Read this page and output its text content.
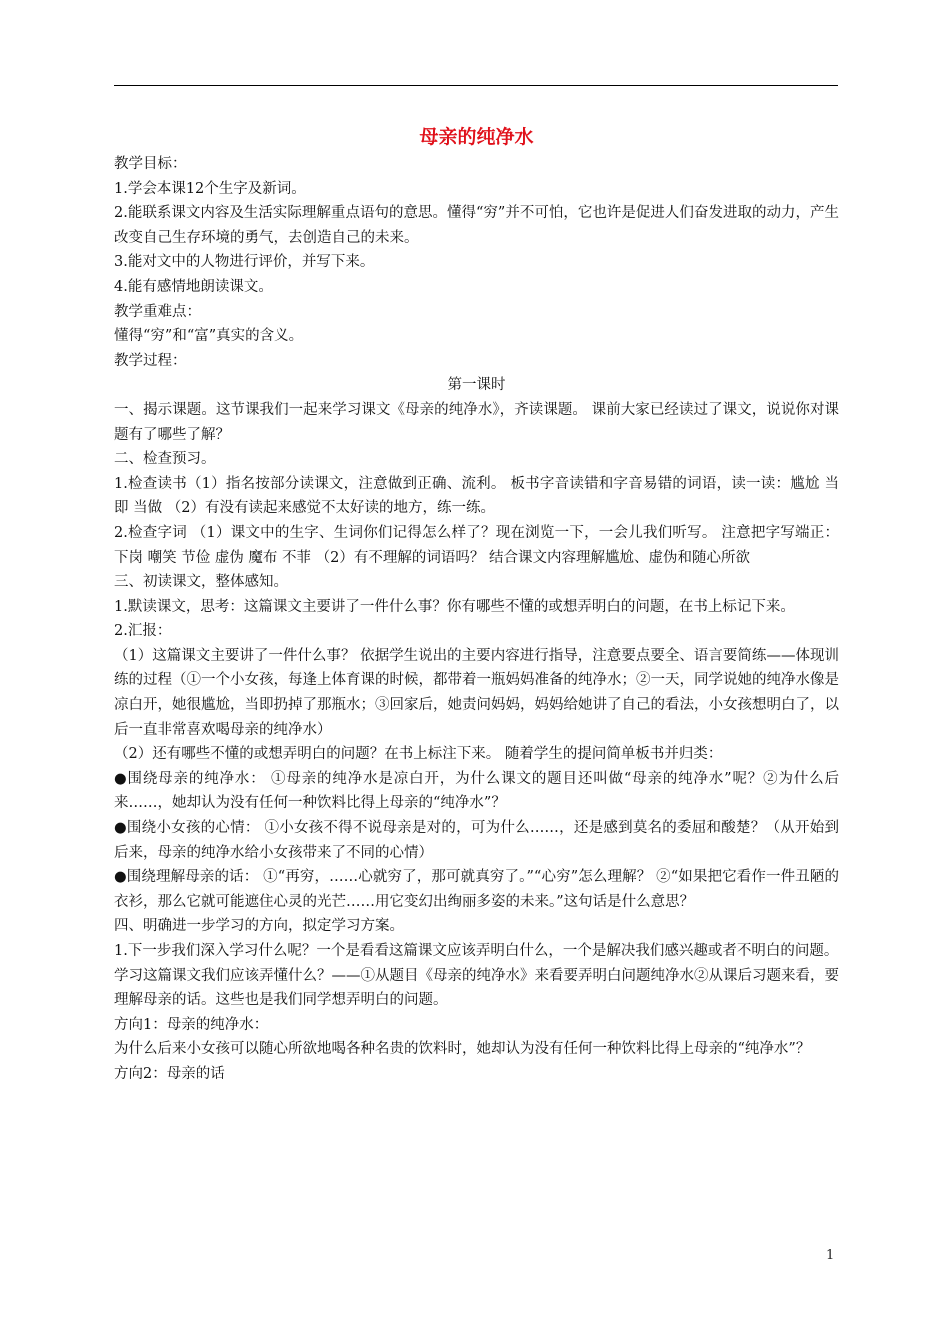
母亲的纯净水

教学目标：

1.学会本课12个生字及新词。

2.能联系课文内容及生活实际理解重点语句的意思。懂得“穷”并不可怕，它也许是促进人们奋发进取的动力，产生改变自己生存环境的勇气，去创造自己的未来。

3.能对文中的人物进行评价，并写下来。

4.能有感情地朗读课文。

教学重难点：

懂得“穷”和“富”真实的含义。

教学过程：

第一课时

一、揭示课题。这节课我们一起来学习课文《母亲的纯净水》，齐读课题。 课前大家已经读过了课文，说说你对课题有了哪些了解？

二、检查预习。

1.检查读书（1）指名按部分读课文，注意做到正确、流利。 板书字音读错和字音易错的词语，读一读：尴尬 当即 当做 （2）有没有读起来感觉不太好读的地方，练一练。

2.检查字词 （1）课文中的生字、生词你们记得怎么样了？现在浏览一下，一会儿我们听写。 注意把字写端正：下岗 嘲笑 节俭 虚伪 魔布 不菲 （2）有不理解的词语吗？ 结合课文内容理解尴尬、虚伪和随心所欲

三、初读课文，整体感知。

1.默读课文，思考：这篇课文主要讲了一件什么事？你有哪些不懂的或想弄明白的问题，在书上标记下来。

2.汇报：

（1）这篇课文主要讲了一件什么事？ 依据学生说出的主要内容进行指导，注意要点要全、语言要简练——体现训练的过程（①一个小女孩，每逢上体育课的时候，都带着一瓶妈妈准备的纯净水；②一天，同学说她的纯净水像是凉白开，她很尴尬，当即扔掉了那瓶水；③回家后，她责问妈妈，妈妈给她讲了自己的看法，小女孩想明白了，以后一直非常喜欢喝母亲的纯净水）

（2）还有哪些不懂的或想弄明白的问题？在书上标注下来。 随着学生的提问简单板书并归类：

●围绕母亲的纯净水： ①母亲的纯净水是凉白开，为什么课文的题目还叫做“母亲的纯净水”呢？②为什么后来……，她却认为没有任何一种饮料比得上母亲的“纯净水”？

●围绕小女孩的心情： ①小女孩不得不说母亲是对的，可为什么……，还是感到莫名的委屈和酸楚？（从开始到后来，母亲的纯净水给小女孩带来了不同的心情）

●围绕理解母亲的话： ①“再穷，……心就穷了，那可就真穷了。”“心穷”怎么理解？ ②“如果把它看作一件丑陋的衣衫，那么它就可能遮住心灵的光芒……用它变幻出绚丽多姿的未来。”这句话是什么意思？

四、明确进一步学习的方向，拟定学习方案。

1.下一步我们深入学习什么呢？一个是看看这篇课文应该弄明白什么，一个是解决我们感兴趣或者不明白的问题。

学习这篇课文我们应该弄懂什么？——①从题目《母亲的纯净水》来看要弄明白问题纯净水②从课后习题来看，要理解母亲的话。这些也是我们同学想弄明白的问题。

方向1：母亲的纯净水：

为什么后来小女孩可以随心所欲地喝各种名贵的饮料时，她却认为没有任何一种饮料比得上母亲的“纯净水”？

方向2：母亲的话

1
